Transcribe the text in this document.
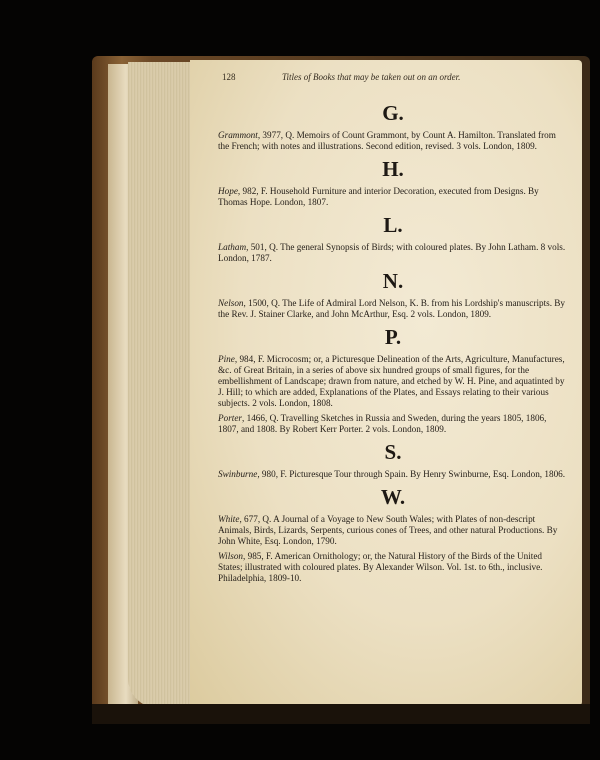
128	Titles of Books that may be taken out on an order.
G.

Grammont, 3977, Q. Memoirs of Count Grammont, by Count A. Hamilton. Translated from the French; with notes and illustrations. Second edition, revised. 3 vols. London, 1809.

H.

Hope, 982, F. Household Furniture and interior Decoration, executed from Designs. By Thomas Hope. London, 1807.

L.

Latham, 501, Q. The general Synopsis of Birds; with coloured plates. By John Latham. 8 vols. London, 1787.

N.

Nelson, 1500, Q. The Life of Admiral Lord Nelson, K. B. from his Lordship's manuscripts. By the Rev. J. Stainer Clarke, and John McArthur, Esq. 2 vols. London, 1809.

P.

Pine, 984, F. Microcosm; or, a Picturesque Delineation of the Arts, Agriculture, Manufactures, &c. of Great Britain, in a series of above six hundred groups of small figures, for the embellishment of Landscape; drawn from nature, and etched by W. H. Pine, and aquatinted by J. Hill; to which are added, Explanations of the Plates, and Essays relating to their various subjects. 2 vols. London, 1808.

Porter, 1466, Q. Travelling Sketches in Russia and Sweden, during the years 1805, 1806, 1807, and 1808. By Robert Kerr Porter. 2 vols. London, 1809.

S.

Swinburne, 980, F. Picturesque Tour through Spain. By Henry Swinburne, Esq. London, 1806.

W.

White, 677, Q. A Journal of a Voyage to New South Wales; with Plates of non-descript Animals, Birds, Lizards, Serpents, curious cones of Trees, and other natural Productions. By John White, Esq. London, 1790.

Wilson, 985, F. American Ornithology; or, the Natural History of the Birds of the United States; illustrated with coloured plates. By Alexander Wilson. Vol. 1st. to 6th., inclusive. Philadelphia, 1809-10.
